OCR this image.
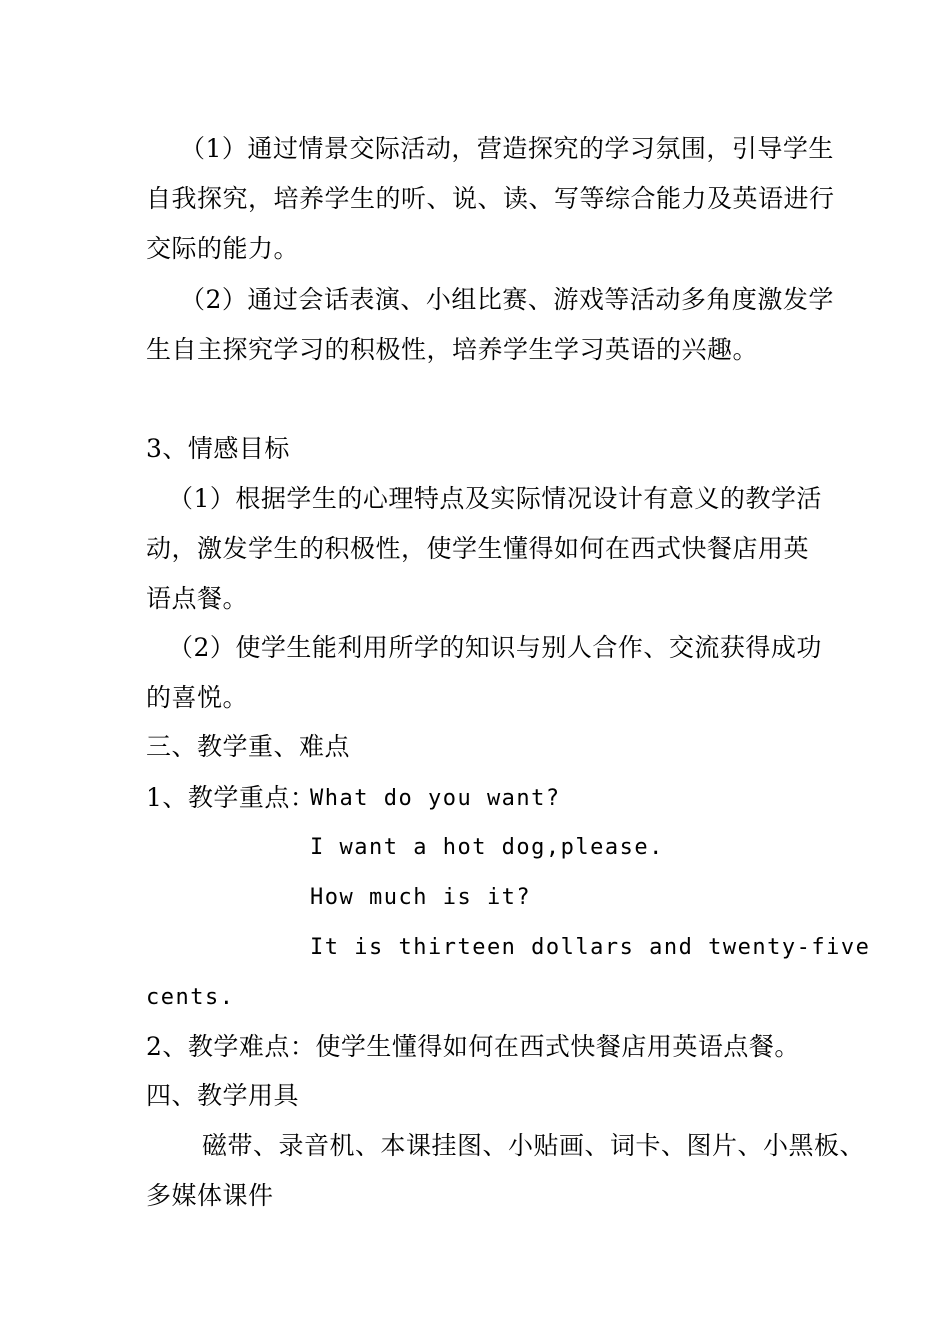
（1）通过情景交际活动，营造探究的学习氛围，引导学生
自我探究，培养学生的听、说、读、写等综合能力及英语进行
交际的能力。
（2）通过会话表演、小组比赛、游戏等活动多角度激发学
生自主探究学习的积极性，培养学生学习英语的兴趣。
3、情感目标
（1）根据学生的心理特点及实际情况设计有意义的教学活
动，激发学生的积极性，使学生懂得如何在西式快餐店用英
语点餐。
（2）使学生能利用所学的知识与别人合作、交流获得成功
的喜悦。
三、教学重、难点
1、教学重点：
What do you want?
I want a hot dog,please.
How much is it?
It is thirteen dollars and twenty-five
cents.
2、教学难点：使学生懂得如何在西式快餐店用英语点餐。
四、教学用具
磁带、录音机、本课挂图、小贴画、词卡、图片、小黑板、
多媒体课件
